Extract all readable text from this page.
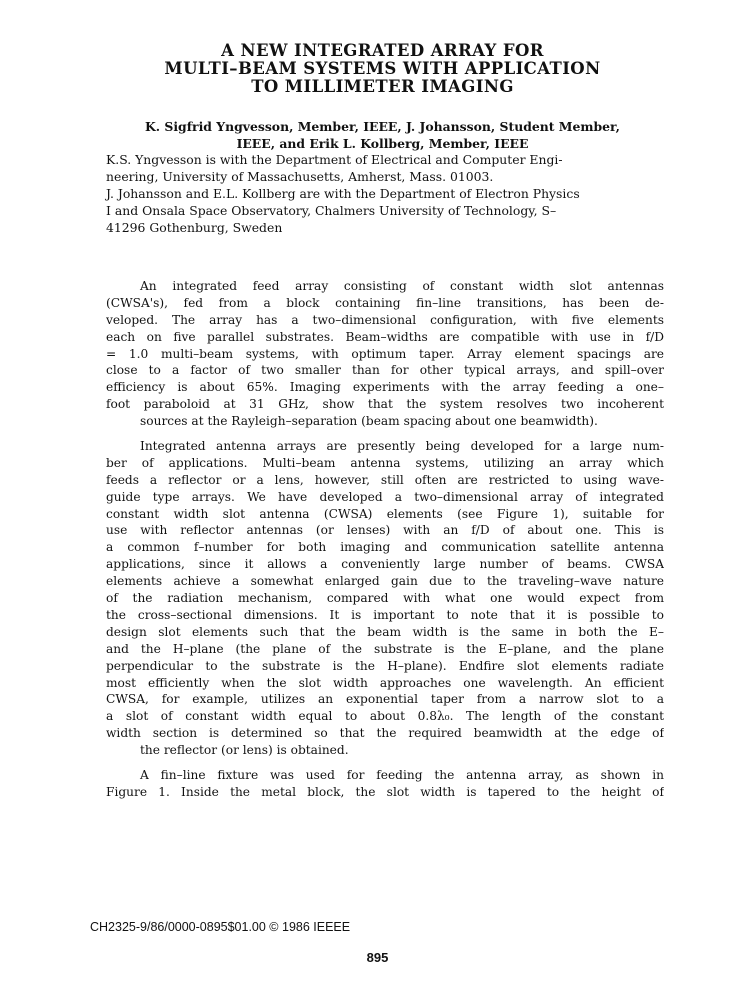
A NEW INTEGRATED ARRAY FOR
MULTI–BEAM SYSTEMS WITH APPLICATION
TO MILLIMETER IMAGING
K. Sigfrid Yngvesson, Member, IEEE, J. Johansson, Student Member,
IEEE, and Erik L. Kollberg, Member, IEEE
K.S. Yngvesson is with the Department of Electrical and Computer Engi-
neering, University of Massachusetts, Amherst, Mass. 01003.
J. Johansson and E.L. Kollberg are with the Department of Electron Physics
I and Onsala Space Observatory, Chalmers University of Technology, S–
41296 Gothenburg, Sweden
An integrated feed array consisting of constant width slot antennas
(CWSA's), fed from a block containing fin–line transitions, has been de-
veloped. The array has a two–dimensional configuration, with five elements
each on five parallel substrates. Beam–widths are compatible with use in f/D
= 1.0 multi–beam systems, with optimum taper. Array element spacings are
close to a factor of two smaller than for other typical arrays, and spill–over
efficiency is about 65%. Imaging experiments with the array feeding a one–
foot paraboloid at 31 GHz, show that the system resolves two incoherent
sources at the Rayleigh–separation (beam spacing about one beamwidth).
Integrated antenna arrays are presently being developed for a large num-
ber of applications. Multi–beam antenna systems, utilizing an array which
feeds a reflector or a lens, however, still often are restricted to using wave-
guide type arrays. We have developed a two–dimensional array of integrated
constant width slot antenna (CWSA) elements (see Figure 1), suitable for
use with reflector antennas (or lenses) with an f/D of about one. This is
a common f–number for both imaging and communication satellite antenna
applications, since it allows a conveniently large number of beams. CWSA
elements achieve a somewhat enlarged gain due to the traveling–wave nature
of the radiation mechanism, compared with what one would expect from
the cross–sectional dimensions. It is important to note that it is possible to
design slot elements such that the beam width is the same in both the E–
and the H–plane (the plane of the substrate is the E–plane, and the plane
perpendicular to the substrate is the H–plane). Endfire slot elements radiate
most efficiently when the slot width approaches one wavelength. An efficient
CWSA, for example, utilizes an exponential taper from a narrow slot to a
a slot of constant width equal to about 0.8λ₀. The length of the constant
width section is determined so that the required beamwidth at the edge of
the reflector (or lens) is obtained.
A fin–line fixture was used for feeding the antenna array, as shown in
Figure 1. Inside the metal block, the slot width is tapered to the height of
CH2325-9/86/0000-0895$01.00 © 1986 IEEEE
895
